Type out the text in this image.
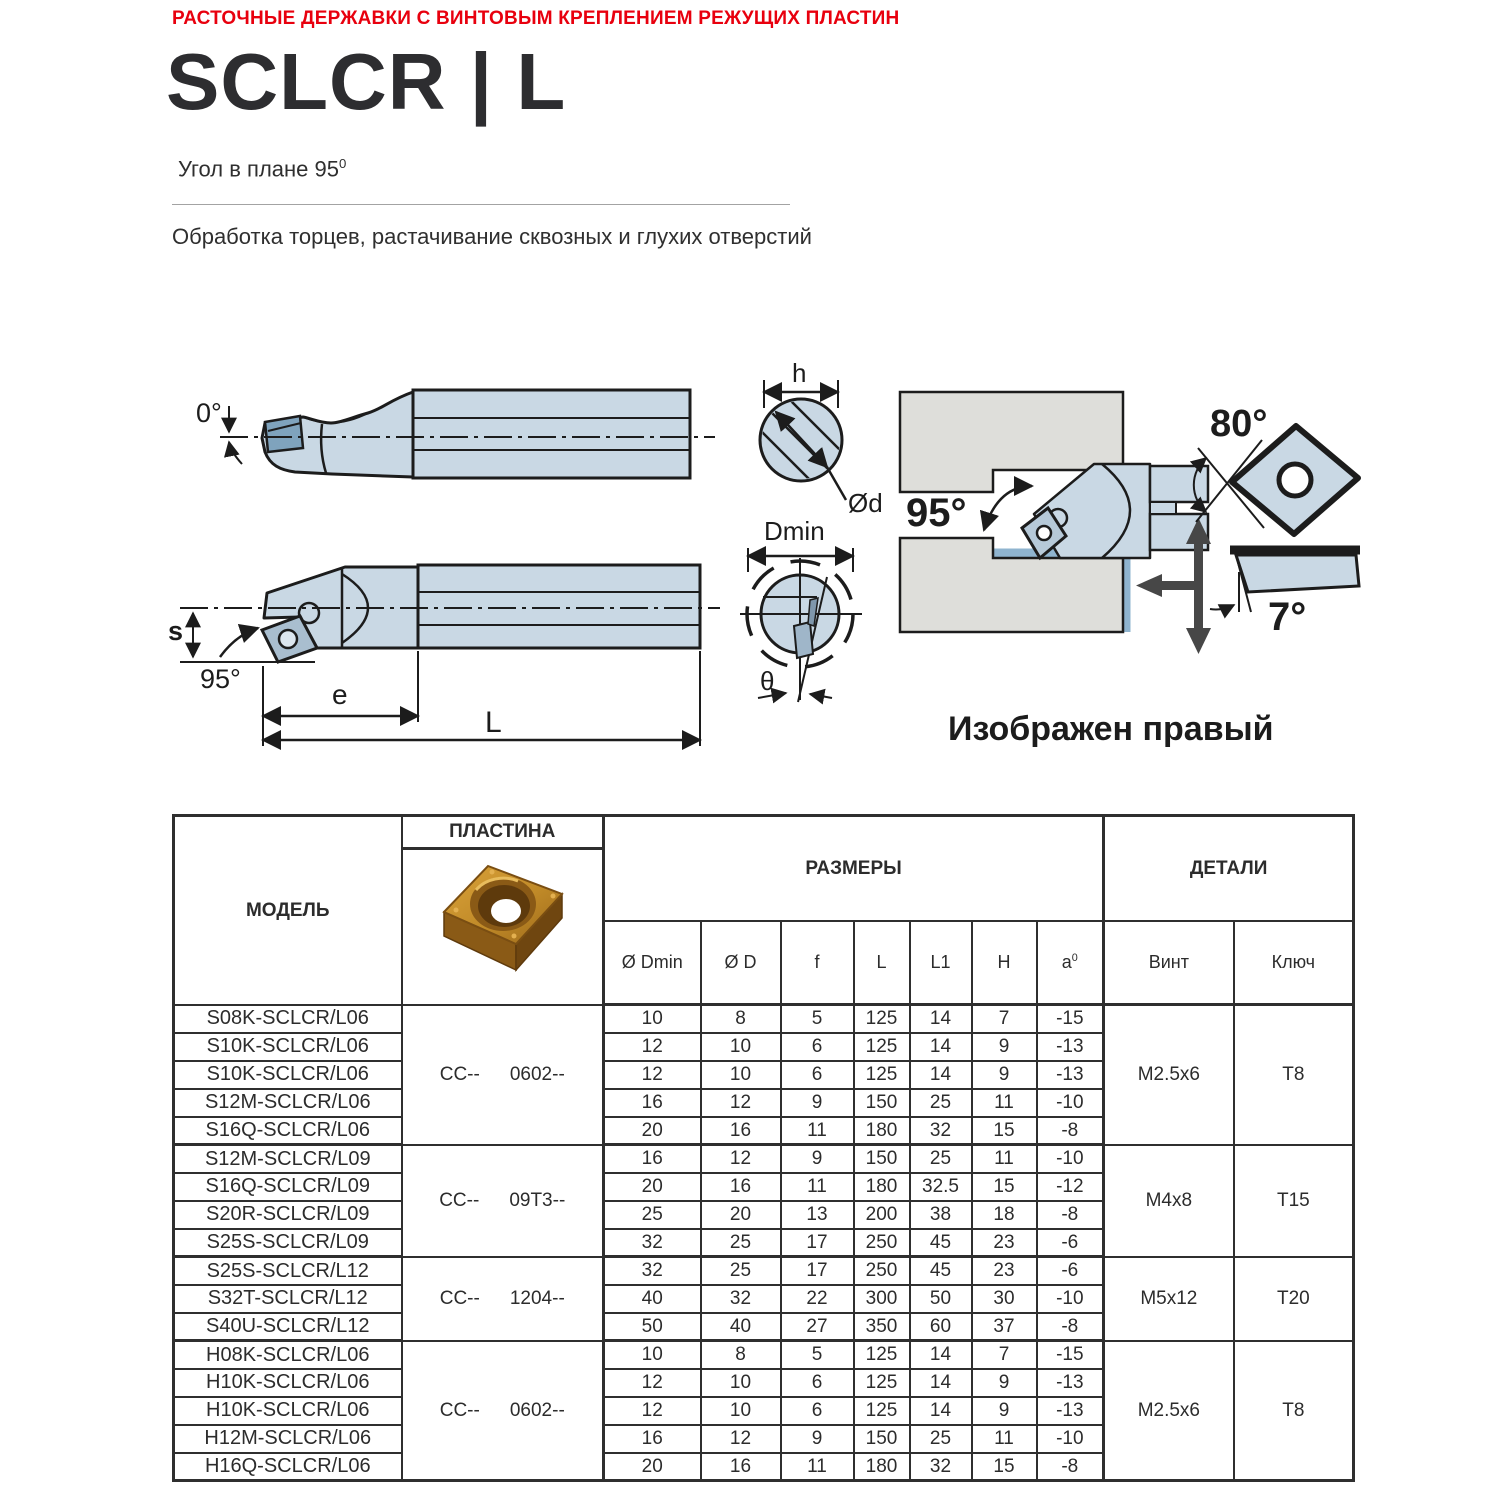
РАСТОЧНЫЕ ДЕРЖАВКИ С ВИНТОВЫМ КРЕПЛЕНИЕМ РЕЖУЩИХ ПЛАСТИН
SCLCR | L
Угол в плане $95^0$
Обработка торцев, растачивание сквозных и глухих отверстий
0°
s
95°	e
L
Ød
h
Dmin
θ
95°
80°
7°
Изображен правый
МОДЕЛЬ	ПЛАСТИНА	РАЗМЕРЫ							ДЕТАЛИ	

		Ø Dmin	Ø D	f	L	L1	H	$a^0$	Винт	Ключ
S08K-SCLCR/L06	CC-- 0602--	10	8	5	125	14	7	-15	M2.5x6	T8
S10K-SCLCR/L06		12	10	6	125	14	9	-13		
S10K-SCLCR/L06		12	10	6	125	14	9	-13		
S12M-SCLCR/L06		16	12	9	150	25	11	-10		
S16Q-SCLCR/L06		20	16	11	180	32	15	-8		
S12M-SCLCR/L09	CC-- 09T3--	16	12	9	150	25	11	-10	M4x8	T15
S16Q-SCLCR/L09		20	16	11	180	32.5	15	-12		
S20R-SCLCR/L09		25	20	13	200	38	18	-8		
S25S-SCLCR/L09		32	25	17	250	45	23	-6		
S25S-SCLCR/L12	CC-- 1204--	32	25	17	250	45	23	-6	M5x12	T20
S32T-SCLCR/L12		40	32	22	300	50	30	-10		
S40U-SCLCR/L12		50	40	27	350	60	37	-8		
H08K-SCLCR/L06	CC-- 0602--	10	8	5	125	14	7	-15	M2.5x6	T8
H10K-SCLCR/L06		12	10	6	125	14	9	-13		
H10K-SCLCR/L06		12	10	6	125	14	9	-13		
H12M-SCLCR/L06		16	12	9	150	25	11	-10		
H16Q-SCLCR/L06		20	16	11	180	32	15	-8		
